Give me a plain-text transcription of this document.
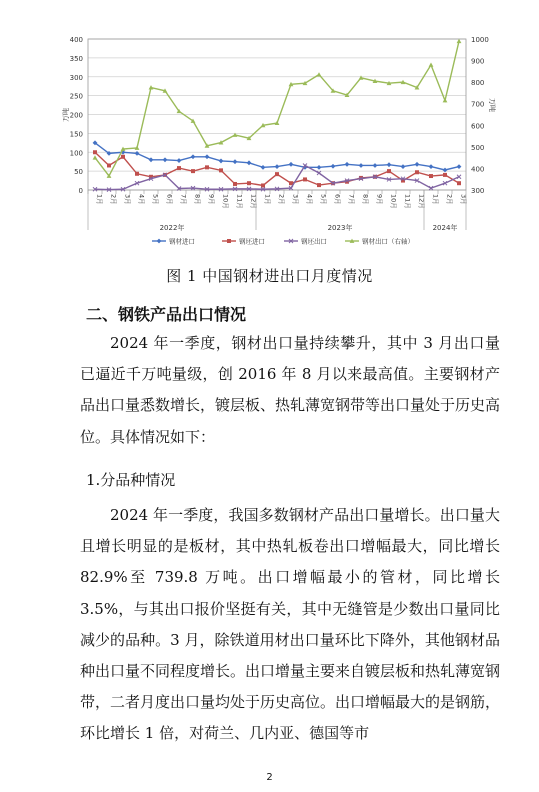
0
50
100
150
200
250
300
350
400
300
400
500
600
700
800
900
1000
万吨
万吨
1月 2月 3月 4月 5月 6月 7月 8月 9月 10月 11月 12月 1月 2月 3月 4月 5月 6月 7月 8月 9月 10月 11月 12月 1月 2月 3月
2022年	2023年	2024年
钢材进口	钢坯进口	钢坯出口	钢材出口（右轴）
图 1 中国钢材进出口月度情况
二、钢铁产品出口情况

2024 年一季度，钢材出口量持续攀升，其中 3 月出口量已逼近千万吨量级，创 2016 年 8 月以来最高值。主要钢材产品出口量悉数增长，镀层板、热轧薄宽钢带等出口量处于历史高位。具体情况如下：

1.分品种情况

2024 年一季度，我国多数钢材产品出口量增长。出口量大且增长明显的是板材，其中热轧板卷出口增幅最大，同比增长 82.9%至 739.8 万吨。出口增幅最小的管材，同比增长 3.5%，与其出口报价坚挺有关，其中无缝管是少数出口量同比减少的品种。3 月，除铁道用材出口量环比下降外，其他钢材品种出口量不同程度增长。出口增量主要来自镀层板和热轧薄宽钢带，二者月度出口量均处于历史高位。出口增幅最大的是钢筋，环比增长 1 倍，对荷兰、几内亚、德国等市

2
